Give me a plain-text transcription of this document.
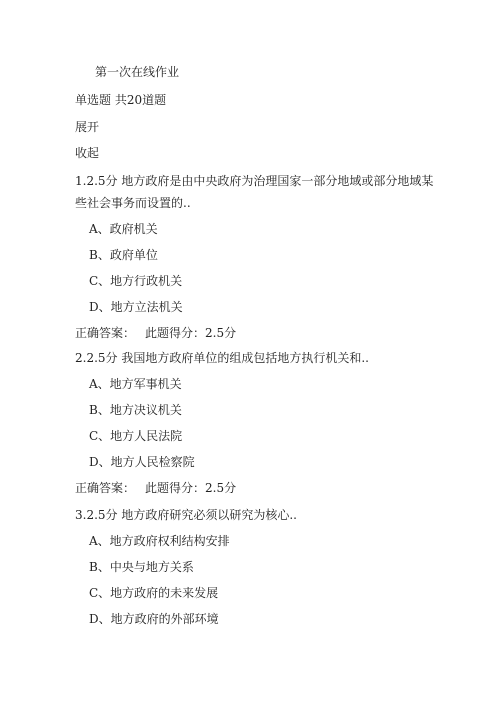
第一次在线作业
单选题 共20道题
展开
收起
1.2.5分 地方政府是由中央政府为治理国家一部分地域或部分地域某些社会事务而设置的..
A、政府机关
B、政府单位
C、地方行政机关
D、地方立法机关
正确答案： 此题得分：2.5分
2.2.5分 我国地方政府单位的组成包括地方执行机关和..
A、地方军事机关
B、地方决议机关
C、地方人民法院
D、地方人民检察院
正确答案： 此题得分：2.5分
3.2.5分 地方政府研究必须以研究为核心..
A、地方政府权利结构安排
B、中央与地方关系
C、地方政府的未来发展
D、地方政府的外部环境
